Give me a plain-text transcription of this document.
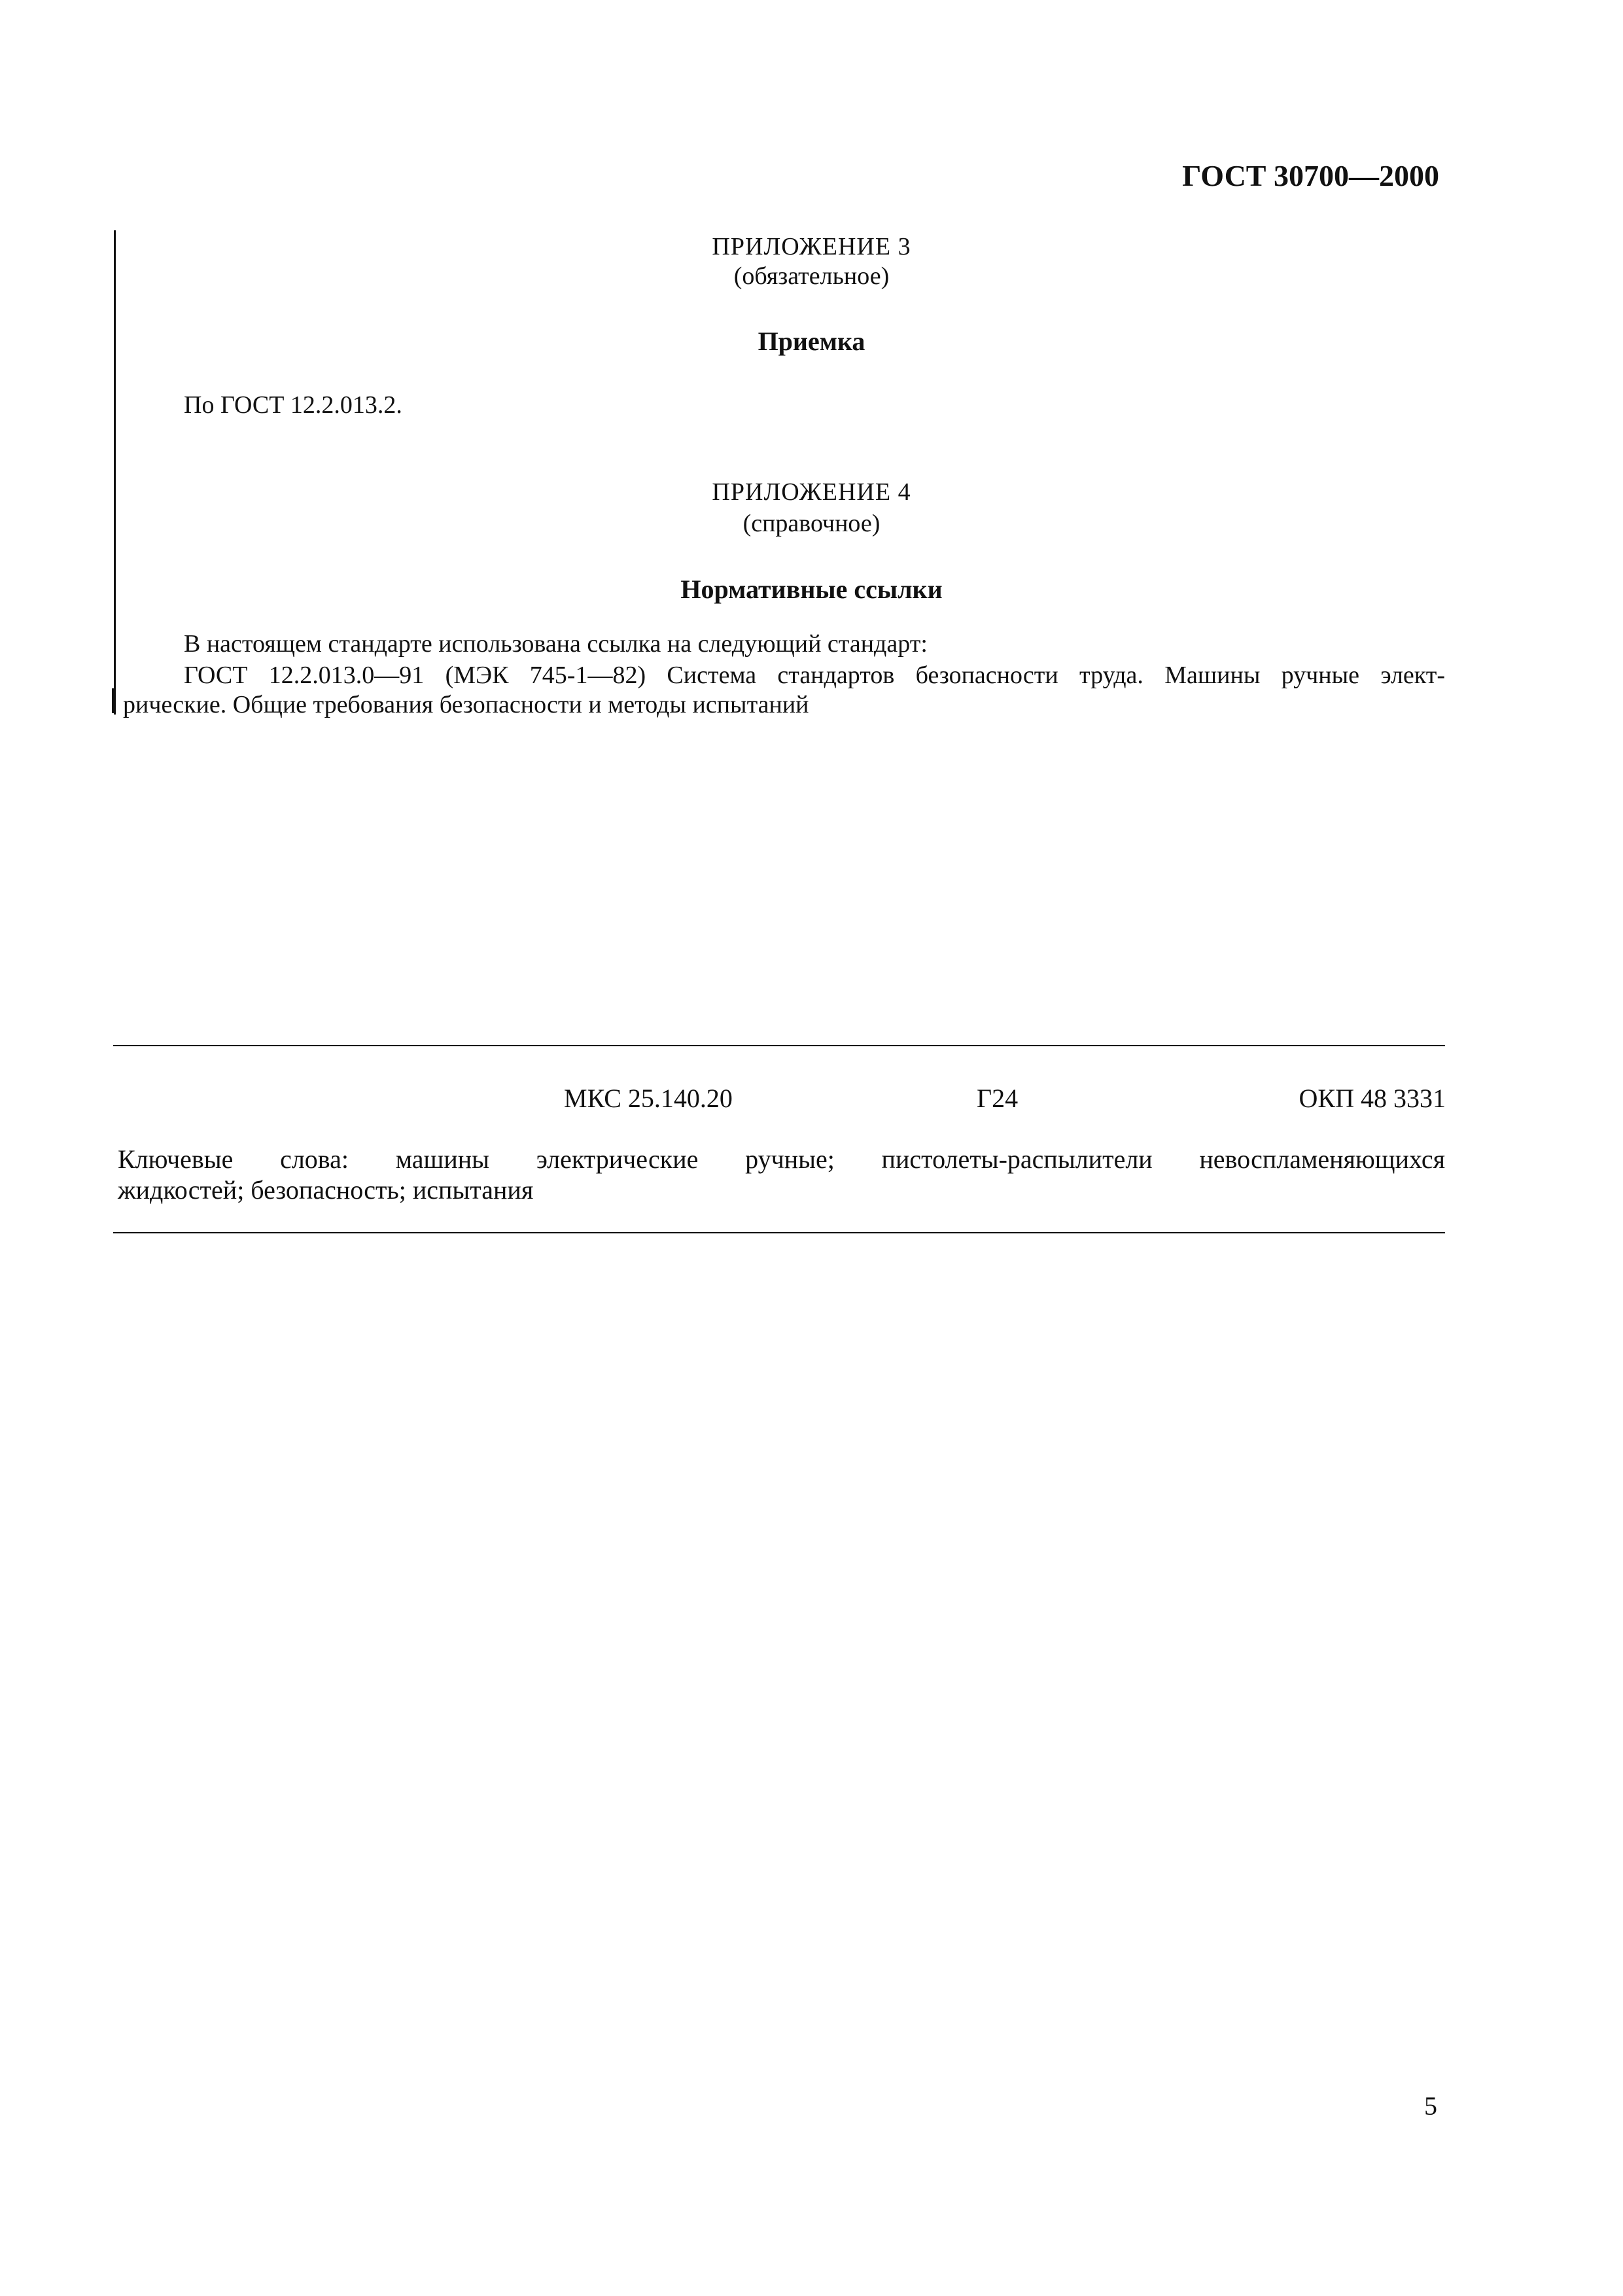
ГОСТ 30700—2000
ПРИЛОЖЕНИЕ 3
(обязательное)
Приемка
По ГОСТ 12.2.013.2.
ПРИЛОЖЕНИЕ 4
(справочное)
Нормативные ссылки
В настоящем стандарте использована ссылка на следующий стандарт:
ГОСТ 12.2.013.0—91 (МЭК 745-1—82) Система стандартов безопасности труда. Машины ручные элект-
рические. Общие требования безопасности и методы испытаний
МКС 25.140.20	Г24	ОКП 48 3331
Ключевые слова: машины электрические ручные; пистолеты-распылители невоспламеняющихся
жидкостей; безопасность; испытания
5
